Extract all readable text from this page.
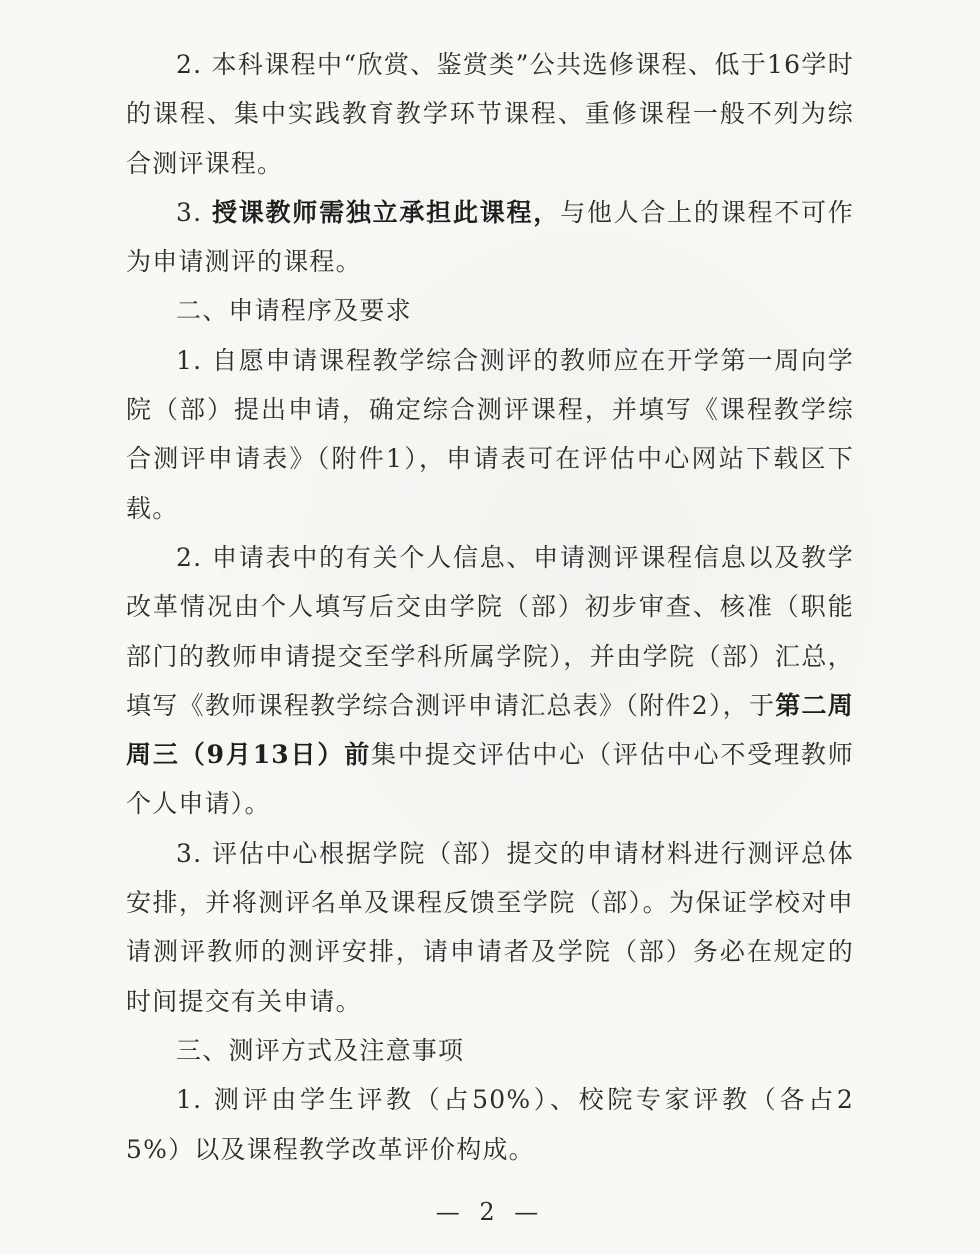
2. 本科课程中“欣赏、鉴赏类”公共选修课程、低于16学时的课程、集中实践教育教学环节课程、重修课程一般不列为综合测评课程。

3. 授课教师需独立承担此课程，与他人合上的课程不可作为申请测评的课程。

二、申请程序及要求

1. 自愿申请课程教学综合测评的教师应在开学第一周向学院（部）提出申请，确定综合测评课程，并填写《课程教学综合测评申请表》（附件1），申请表可在评估中心网站下载区下载。

2. 申请表中的有关个人信息、申请测评课程信息以及教学改革情况由个人填写后交由学院（部）初步审查、核准（职能部门的教师申请提交至学科所属学院），并由学院（部）汇总，填写《教师课程教学综合测评申请汇总表》（附件2），于第二周周三（9月13日）前集中提交评估中心（评估中心不受理教师个人申请）。

3. 评估中心根据学院（部）提交的申请材料进行测评总体安排，并将测评名单及课程反馈至学院（部）。为保证学校对申请测评教师的测评安排，请申请者及学院（部）务必在规定的时间提交有关申请。

三、测评方式及注意事项

1. 测评由学生评教（占50%）、校院专家评教（各占25%）以及课程教学改革评价构成。

— 2 —
